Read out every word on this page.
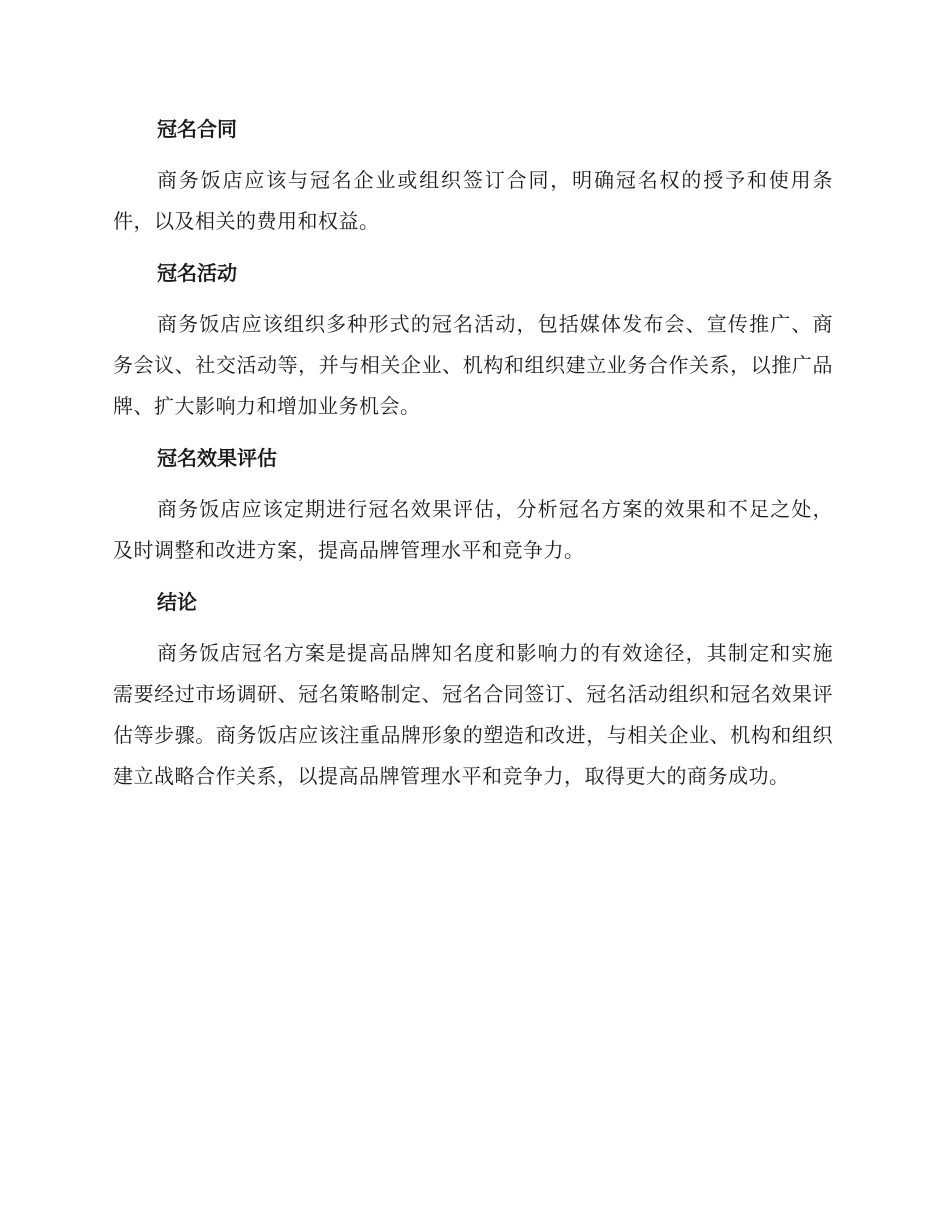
冠名合同

商务饭店应该与冠名企业或组织签订合同，明确冠名权的授予和使用条件，以及相关的费用和权益。

冠名活动

商务饭店应该组织多种形式的冠名活动，包括媒体发布会、宣传推广、商务会议、社交活动等，并与相关企业、机构和组织建立业务合作关系，以推广品牌、扩大影响力和增加业务机会。

冠名效果评估

商务饭店应该定期进行冠名效果评估，分析冠名方案的效果和不足之处，及时调整和改进方案，提高品牌管理水平和竞争力。

结论

商务饭店冠名方案是提高品牌知名度和影响力的有效途径，其制定和实施需要经过市场调研、冠名策略制定、冠名合同签订、冠名活动组织和冠名效果评估等步骤。商务饭店应该注重品牌形象的塑造和改进，与相关企业、机构和组织建立战略合作关系，以提高品牌管理水平和竞争力，取得更大的商务成功。
